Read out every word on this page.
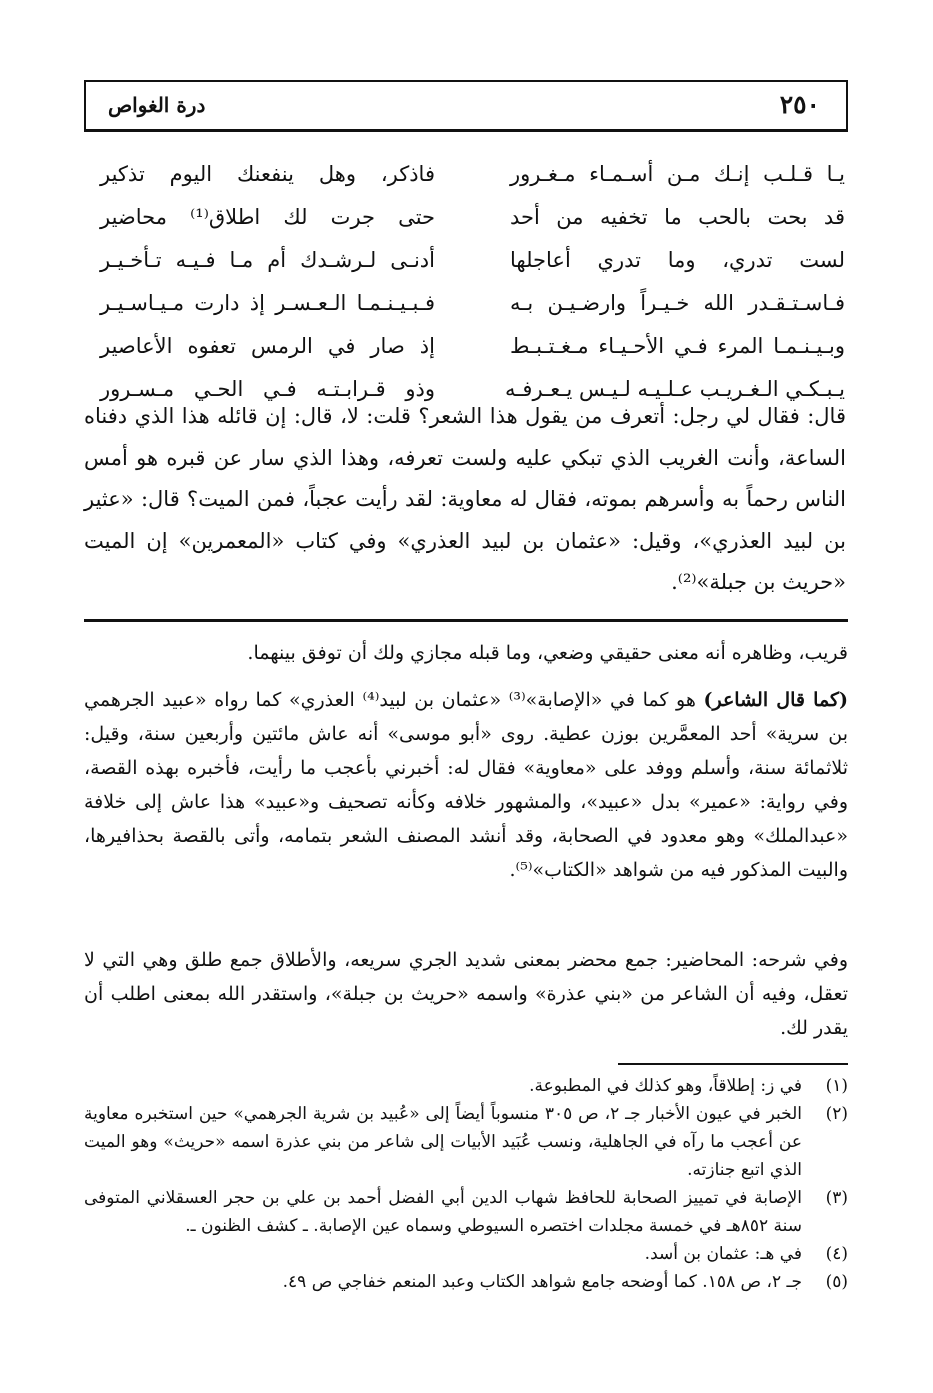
٢٥٠
درة الغواص
يـا قـلـب إنـك مـن أسـمـاء مـغـرور
فاذكر، وهل ينفعنك اليوم تذكير
قد بحت بالحب ما تخفيه من أحد
حتى جرت لك اطلاق⁽¹⁾ محاضير
لست تدري، وما تدري أعاجلها
أدنـى لـرشـدك أم مـا فـيـه تـأخـيـر
فـاسـتـقـدر الله خـيـراً وارضـيـن بـه
فـبـيـنـمـا الـعـسـر إذ دارت مـيـاسـيـر
وبـيـنـمـا المرء فـي الأحـيـاء مـغـتـبـط
إذ صار في الرمس تعفوه الأعاصير
يـبـكـي الـغـريـب عـلـيـه لـيـس يـعـرفـه
وذو قـرابـتـه فـي الحـي مـسـرور

قال: فقال لي رجل: أتعرف من يقول هذا الشعر؟ قلت: لا، قال: إن قائله هذا الذي دفناه الساعة، وأنت الغريب الذي تبكي عليه ولست تعرفه، وهذا الذي سار عن قبره هو أمس الناس رحماً به وأسرهم بموته، فقال له معاوية: لقد رأيت عجباً، فمن الميت؟ قال: «عثير بن لبيد العذري»، وقيل: «عثمان بن لبيد العذري» وفي كتاب «المعمرين» إن الميت «حريث بن جبلة»⁽²⁾.

قريب، وظاهره أنه معنى حقيقي وضعي، وما قبله مجازي ولك أن توفق بينهما.

(كما قال الشاعر) هو كما في «الإصابة»⁽³⁾ «عثمان بن لبيد⁽⁴⁾ العذري» كما رواه «عبيد الجرهمي بن سرية» أحد المعمَّرين بوزن عطية. روى «أبو موسى» أنه عاش مائتين وأربعين سنة، وقيل: ثلاثمائة سنة، وأسلم ووفد على «معاوية» فقال له: أخبرني بأعجب ما رأيت، فأخبره بهذه القصة، وفي رواية: «عمير» بدل «عبيد»، والمشهور خلافه وكأنه تصحيف و«عبيد» هذا عاش إلى خلافة «عبدالملك» وهو معدود في الصحابة، وقد أنشد المصنف الشعر بتمامه، وأتى بالقصة بحذافيرها، والبيت المذكور فيه من شواهد «الكتاب»⁽⁵⁾.

وفي شرحه: المحاضير: جمع محضر بمعنى شديد الجري سريعه، والأطلاق جمع طلق وهي التي لا تعقل، وفيه أن الشاعر من «بني عذرة» واسمه «حريث بن جبلة»، واستقدر الله بمعنى اطلب أن يقدر لك.

(١)
في ز: إطلاقاً، وهو كذلك في المطبوعة.
(٢)
الخبر في عيون الأخبار جـ ٢، ص ٣٠٥ منسوباً أيضاً إلى «عُبيد بن شرية الجرهمي» حين استخبره معاوية عن أعجب ما رآه في الجاهلية، ونسب عُبَيد الأبيات إلى شاعر من بني عذرة اسمه «حريث» وهو الميت الذي اتبع جنازته.
(٣)
الإصابة في تمييز الصحابة للحافظ شهاب الدين أبي الفضل أحمد بن علي بن حجر العسقلاني المتوفى سنة ٨٥٢هـ في خمسة مجلدات اختصره السيوطي وسماه عين الإصابة. ـ كشف الظنون ـ.
(٤)
في هـ: عثمان بن أسد.
(٥)
جـ ٢، ص ١٥٨. كما أوضحه جامع شواهد الكتاب وعبد المنعم خفاجي ص ٤٩.
